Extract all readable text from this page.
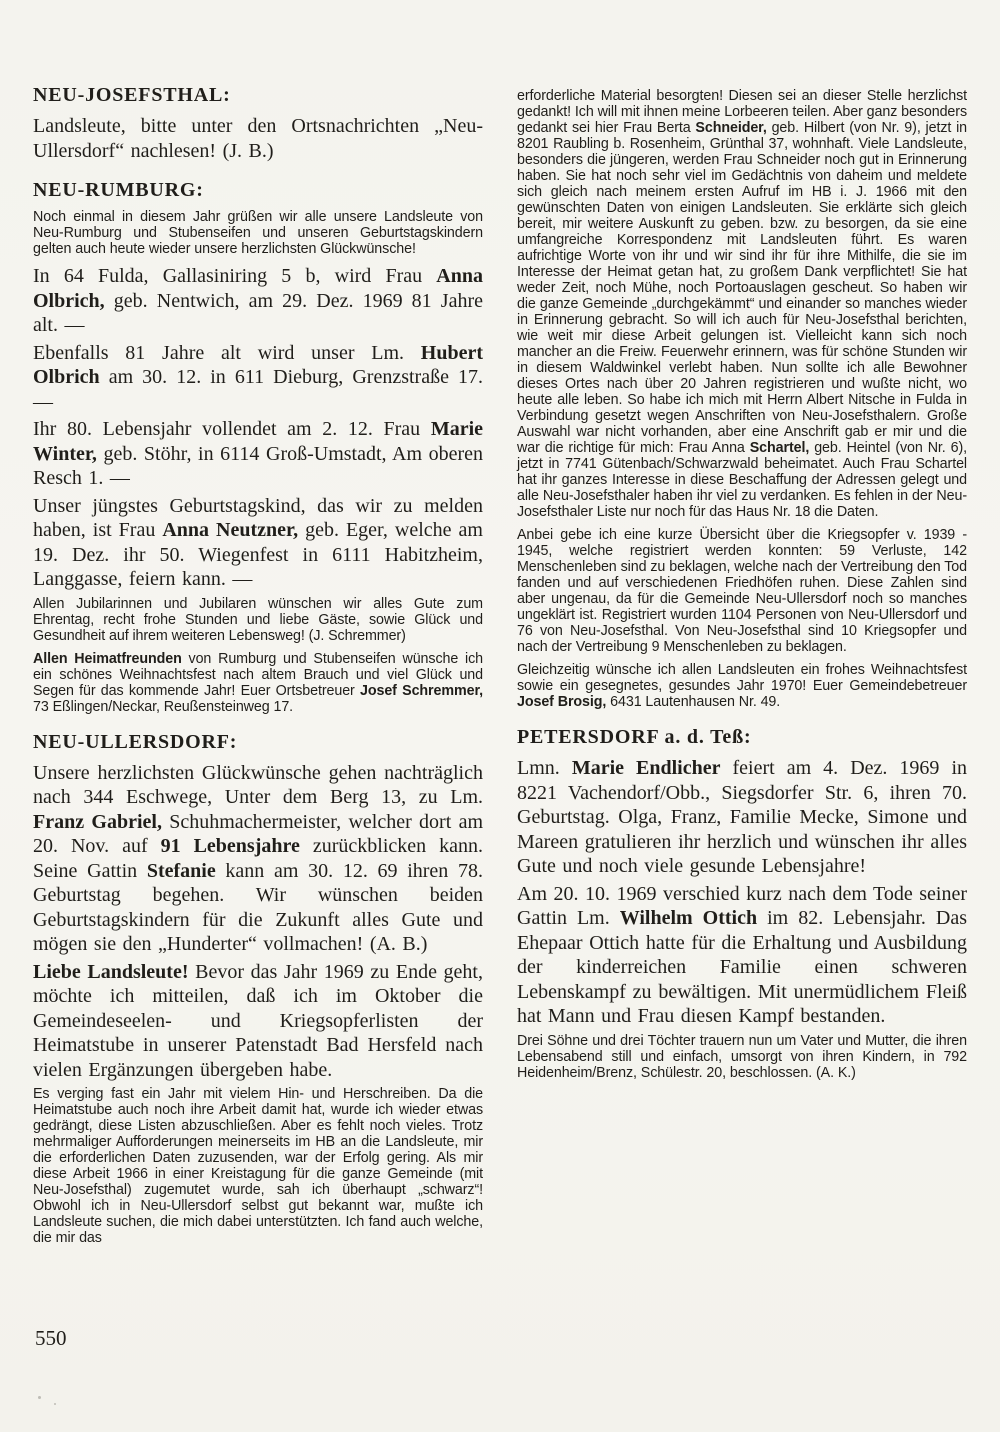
NEU-JOSEFSTHAL:

Landsleute, bitte unter den Ortsnachrichten „Neu-Ullersdorf“ nachlesen! (J. B.)

NEU-RUMBURG:

Noch einmal in diesem Jahr grüßen wir alle unsere Landsleute von Neu-Rumburg und Stubenseifen und unseren Geburtstagskindern gelten auch heute wieder unsere herzlichsten Glückwünsche!

In 64 Fulda, Gallasiniring 5 b, wird Frau Anna Olbrich, geb. Nentwich, am 29. Dez. 1969 81 Jahre alt. —

Ebenfalls 81 Jahre alt wird unser Lm. Hubert Olbrich am 30. 12. in 611 Dieburg, Grenzstraße 17. —

Ihr 80. Lebensjahr vollendet am 2. 12. Frau Marie Winter, geb. Stöhr, in 6114 Groß-Umstadt, Am oberen Resch 1. —

Unser jüngstes Geburtstagskind, das wir zu melden haben, ist Frau Anna Neutzner, geb. Eger, welche am 19. Dez. ihr 50. Wiegenfest in 6111 Habitzheim, Langgasse, feiern kann. —

Allen Jubilarinnen und Jubilaren wünschen wir alles Gute zum Ehrentag, recht frohe Stunden und liebe Gäste, sowie Glück und Gesundheit auf ihrem weiteren Lebensweg! (J. Schremmer)

Allen Heimatfreunden von Rumburg und Stubenseifen wünsche ich ein schönes Weihnachtsfest nach altem Brauch und viel Glück und Segen für das kommende Jahr! Euer Ortsbetreuer Josef Schremmer, 73 Eßlingen/Neckar, Reußensteinweg 17.

NEU-ULLERSDORF:

Unsere herzlichsten Glückwünsche gehen nachträglich nach 344 Eschwege, Unter dem Berg 13, zu Lm. Franz Gabriel, Schuhmachermeister, welcher dort am 20. Nov. auf 91 Lebensjahre zurückblicken kann. Seine Gattin Stefanie kann am 30. 12. 69 ihren 78. Geburtstag begehen. Wir wünschen beiden Geburtstagskindern für die Zukunft alles Gute und mögen sie den „Hunderter“ vollmachen! (A. B.)

Liebe Landsleute! Bevor das Jahr 1969 zu Ende geht, möchte ich mitteilen, daß ich im Oktober die Gemeindeseelen- und Kriegsopferlisten der Heimatstube in unserer Patenstadt Bad Hersfeld nach vielen Ergänzungen übergeben habe.

Es verging fast ein Jahr mit vielem Hin- und Herschreiben. Da die Heimatstube auch noch ihre Arbeit damit hat, wurde ich wieder etwas gedrängt, diese Listen abzuschließen. Aber es fehlt noch vieles. Trotz mehrmaliger Aufforderungen meinerseits im HB an die Landsleute, mir die erforderlichen Daten zuzusenden, war der Erfolg gering. Als mir diese Arbeit 1966 in einer Kreistagung für die ganze Gemeinde (mit Neu-Josefsthal) zugemutet wurde, sah ich überhaupt „schwarz“! Obwohl ich in Neu-Ullersdorf selbst gut bekannt war, mußte ich Landsleute suchen, die mich dabei unterstützten. Ich fand auch welche, die mir das

erforderliche Material besorgten! Diesen sei an dieser Stelle herzlichst gedankt! Ich will mit ihnen meine Lorbeeren teilen. Aber ganz besonders gedankt sei hier Frau Berta Schneider, geb. Hilbert (von Nr. 9), jetzt in 8201 Raubling b. Rosenheim, Grünthal 37, wohnhaft. Viele Landsleute, besonders die jüngeren, werden Frau Schneider noch gut in Erinnerung haben. Sie hat noch sehr viel im Gedächtnis von daheim und meldete sich gleich nach meinem ersten Aufruf im HB i. J. 1966 mit den gewünschten Daten von einigen Landsleuten. Sie erklärte sich gleich bereit, mir weitere Auskunft zu geben. bzw. zu besorgen, da sie eine umfangreiche Korrespondenz mit Landsleuten führt. Es waren aufrichtige Worte von ihr und wir sind ihr für ihre Mithilfe, die sie im Interesse der Heimat getan hat, zu großem Dank verpflichtet! Sie hat weder Zeit, noch Mühe, noch Portoauslagen gescheut. So haben wir die ganze Gemeinde „durchgekämmt“ und einander so manches wieder in Erinnerung gebracht. So will ich auch für Neu-Josefsthal berichten, wie weit mir diese Arbeit gelungen ist. Vielleicht kann sich noch mancher an die Freiw. Feuerwehr erinnern, was für schöne Stunden wir in diesem Waldwinkel verlebt haben. Nun sollte ich alle Bewohner dieses Ortes nach über 20 Jahren registrieren und wußte nicht, wo heute alle leben. So habe ich mich mit Herrn Albert Nitsche in Fulda in Verbindung gesetzt wegen Anschriften von Neu-Josefsthalern. Große Auswahl war nicht vorhanden, aber eine Anschrift gab er mir und die war die richtige für mich: Frau Anna Schartel, geb. Heintel (von Nr. 6), jetzt in 7741 Gütenbach/Schwarzwald beheimatet. Auch Frau Schartel hat ihr ganzes Interesse in diese Beschaffung der Adressen gelegt und alle Neu-Josefsthaler haben ihr viel zu verdanken. Es fehlen in der Neu-Josefsthaler Liste nur noch für das Haus Nr. 18 die Daten.

Anbei gebe ich eine kurze Übersicht über die Kriegsopfer v. 1939 - 1945, welche registriert werden konnten: 59 Verluste, 142 Menschenleben sind zu beklagen, welche nach der Vertreibung den Tod fanden und auf verschiedenen Friedhöfen ruhen. Diese Zahlen sind aber ungenau, da für die Gemeinde Neu-Ullersdorf noch so manches ungeklärt ist. Registriert wurden 1104 Personen von Neu-Ullersdorf und 76 von Neu-Josefsthal. Von Neu-Josefsthal sind 10 Kriegsopfer und nach der Vertreibung 9 Menschenleben zu beklagen.

Gleichzeitig wünsche ich allen Landsleuten ein frohes Weihnachtsfest sowie ein gesegnetes, gesundes Jahr 1970! Euer Gemeindebetreuer Josef Brosig, 6431 Lautenhausen Nr. 49.

PETERSDORF a. d. Teß:

Lmn. Marie Endlicher feiert am 4. Dez. 1969 in 8221 Vachendorf/Obb., Siegsdorfer Str. 6, ihren 70. Geburtstag. Olga, Franz, Familie Mecke, Simone und Mareen gratulieren ihr herzlich und wünschen ihr alles Gute und noch viele gesunde Lebensjahre!

Am 20. 10. 1969 verschied kurz nach dem Tode seiner Gattin Lm. Wilhelm Ottich im 82. Lebensjahr. Das Ehepaar Ottich hatte für die Erhaltung und Ausbildung der kinderreichen Familie einen schweren Lebenskampf zu bewältigen. Mit unermüdlichem Fleiß hat Mann und Frau diesen Kampf bestanden.

Drei Söhne und drei Töchter trauern nun um Vater und Mutter, die ihren Lebensabend still und einfach, umsorgt von ihren Kindern, in 792 Heidenheim/Brenz, Schülestr. 20, beschlossen. (A. K.)

550
